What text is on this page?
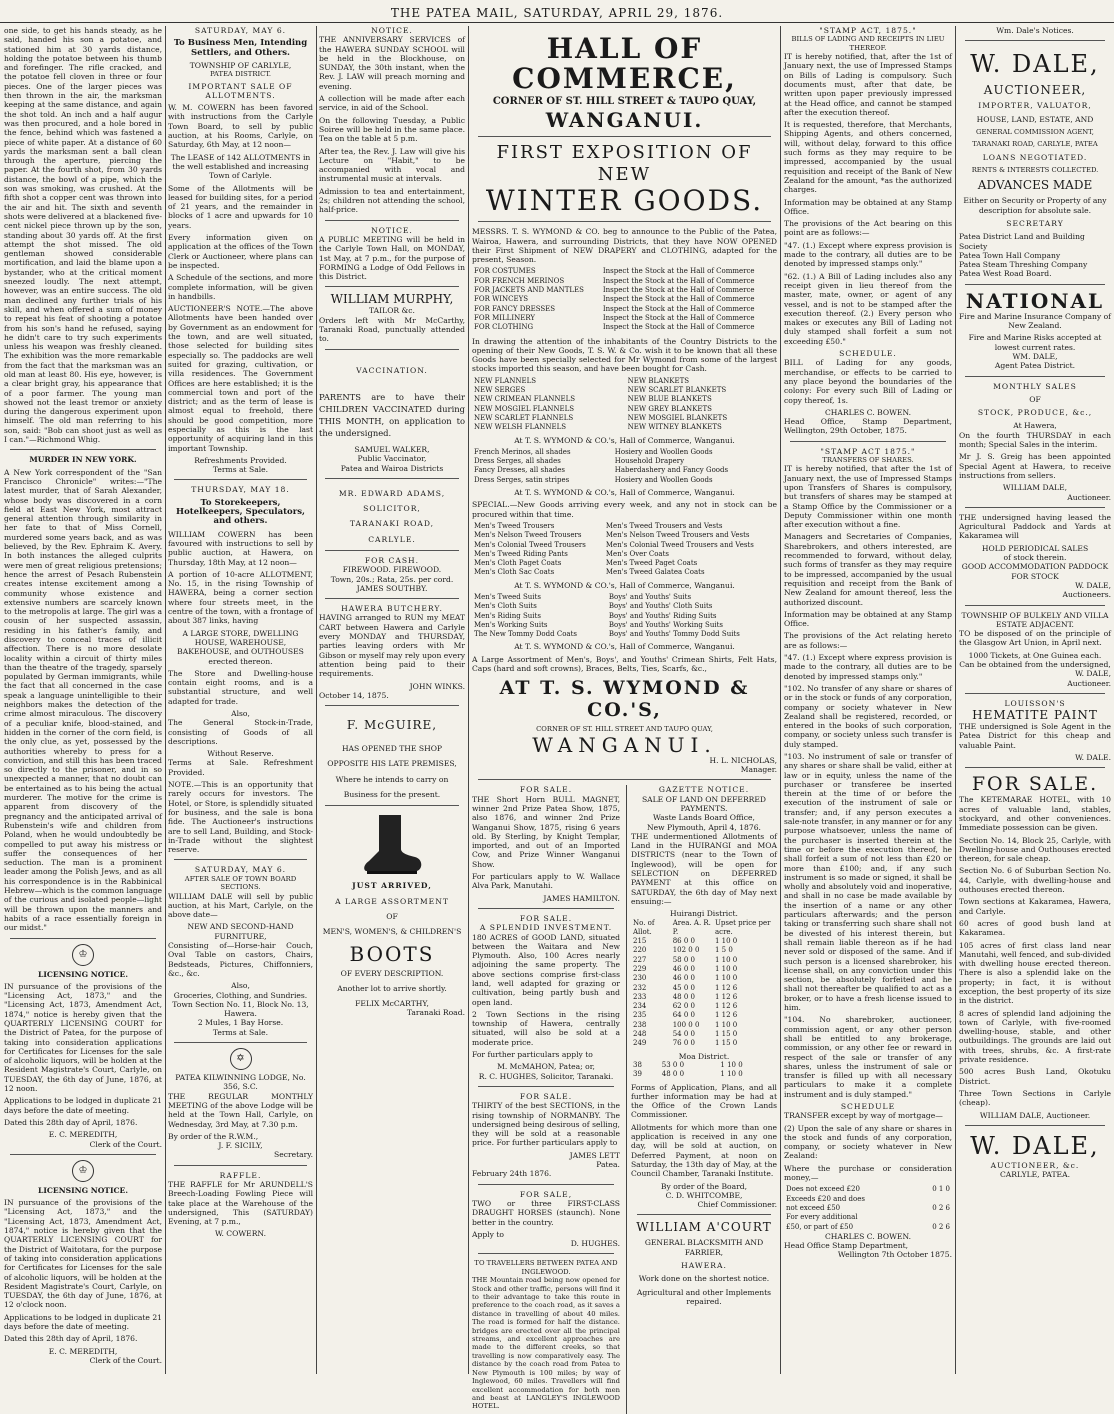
THE PATEA MAIL, SATURDAY, APRIL 29, 1876.

one side, to get his hands steady, as he said, handed his son a potatoe, and stationed him at 30 yards distance, holding the potatoe between his thumb and forefinger. The rifle cracked, and the potatoe fell cloven in three or four pieces. One of the larger pieces was then thrown in the air, the marksman keeping at the same distance, and again the shot told. An inch and a half augur was then procured, and a hole bored in the fence, behind which was fastened a piece of white paper. At a distance of 60 yards the marksman sent a ball clean through the aperture, piercing the paper. At the fourth shot, from 30 yards distance, the bowl of a pipe, which the son was smoking, was crushed. At the fifth shot a copper cent was thrown into the air and hit. The sixth and seventh shots were delivered at a blackened five-cent nickel piece thrown up by the son, standing about 30 yards off. At the first attempt the shot missed. The old gentleman showed considerable mortification, and laid the blame upon a bystander, who at the critical moment sneezed loudly. The next attempt, however, was an entire success. The old man declined any further trials of his skill, and when offered a sum of money to repeat his feat of shooting a potatoe from his son's hand he refused, saying he didn't care to try such experiments unless his weapon was freshly cleaned. The exhibition was the more remarkable from the fact that the marksman was an old man at least 80. His eye, however, is a clear bright gray, his appearance that of a poor farmer. The young man showed not the least tremor or anxiety during the dangerous experiment upon himself. The old man referring to his son, said: "Bob can shoot just as well as I can."—Richmond Whig.

MURDER IN NEW YORK.

A New York correspondent of the "San Francisco Chronicle" writes:—"The latest murder, that of Sarah Alexander, whose body was discovered in a corn field at East New York, most attract general attention through similarity in her fate to that of Miss Cornell, murdered some years back, and as was believed, by the Rev. Ephraim K. Avery. In both instances the alleged culprits were men of great religious pretensions; hence the arrest of Pesach Rubenstein creates intense excitement among a community whose existence and extensive numbers are scarcely known to the metropolis at large. The girl was a cousin of her suspected assassin, residing in his father's family, and discovery to conceal traces of illicit affection. There is no more desolate locality within a circuit of thirty miles than the theatre of the tragedy, sparsely populated by German immigrants, while the fact that all concerned in the case speak a language unintelligible to their neighbors makes the detection of the crime almost miraculous. The discovery of a peculiar knife, blood-stained, and hidden in the corner of the corn field, is the only clue, as yet, possessed by the authorities whereby to press for a conviction, and still this has been traced so directly to the prisoner, and in so unexpected a manner, that no doubt can be entertained as to his being the actual murderer. The motive for the crime is apparent from discovery of the pregnancy and the anticipated arrival of Rubenstein's wife and children from Poland, when he would undoubtedly be compelled to put away his mistress or suffer the consequences of her seduction. The man is a prominent leader among the Polish Jews, and as all his correspondence is in the Rabbinical Hebrew—which is the common language of the curious and isolated people—light will be thrown upon the manners and habits of a race essentially foreign in our midst."

♔
LICENSING NOTICE.

IN pursuance of the provisions of the "Licensing Act, 1873," and the "Licensing Act, 1873, Amendment Act, 1874," notice is hereby given that the QUARTERLY LICENSING COURT for the District of Patea, for the purpose of taking into consideration applications for Certificates for Licenses for the sale of alcoholic liquors, will be holden at the Resident Magistrate's Court, Carlyle, on TUESDAY, the 6th day of June, 1876, at 12 noon.

Applications to be lodged in duplicate 21 days before the date of meeting.

Dated this 28th day of April, 1876.

E. C. MEREDITH,
Clerk of the Court.
♔
LICENSING NOTICE.

IN pursuance of the provisions of the "Licensing Act, 1873," and the "Licensing Act, 1873, Amendment Act, 1874," notice is hereby given that the QUARTERLY LICENSING COURT for the District of Waitotara, for the purpose of taking into consideration applications for Certificates for Licenses for the sale of alcoholic liquors, will be holden at the Resident Magistrate's Court, Carlyle, on TUESDAY, the 6th day of June, 1876, at 12 o'clock noon.

Applications to be lodged in duplicate 21 days before the date of meeting.

Dated this 28th day of April, 1876.

E. C. MEREDITH,
Clerk of the Court.
SATURDAY, MAY 6.
To Business Men, Intending Settlers, and Others.
TOWNSHIP OF CARLYLE,
PATEA DISTRICT.
IMPORTANT SALE OF ALLOTMENTS.

W. M. COWERN has been favored with instructions from the Carlyle Town Board, to sell by public auction, at his Rooms, Carlyle, on Saturday, 6th May, at 12 noon—

The LEASE of 142 ALLOTMENTS in the well established and increasing Town of Carlyle.

Some of the Allotments will be leased for building sites, for a period of 21 years, and the remainder in blocks of 1 acre and upwards for 10 years.

Every information given on application at the offices of the Town Clerk or Auctioneer, where plans can be inspected.

A Schedule of the sections, and more complete information, will be given in handbills.

AUCTIONEER'S NOTE.—The above Allotments have been handed over by Government as an endowment for the town, and are well situated, those selected for building sites especially so. The paddocks are well suited for grazing, cultivation, or villa residences. The Government Offices are here established; it is the commercial town and port of the district; and as the term of lease is almost equal to freehold, there should be good competition, more especially as this is the last opportunity of acquiring land in this important Township.

Refreshments Provided.
Terms at Sale.
THURSDAY, MAY 18.
To Storekeepers, Hotelkeepers, Speculators, and others.

WILLIAM COWERN has been favoured with instructions to sell by public auction, at Hawera, on Thursday, 18th May, at 12 noon—

A portion of 10-acre ALLOTMENT, No. 15, in the rising Township of HAWERA, being a corner section where four streets meet, in the centre of the town, with a frontage of about 387 links, having

A LARGE STORE, DWELLING HOUSE, WAREHOUSE, BAKEHOUSE, and OUTHOUSES erected thereon.

The Store and Dwelling-house contain eight rooms, and is a substantial structure, and well adapted for trade.

Also,

The General Stock-in-Trade, consisting of Goods of all descriptions.

Without Reserve.

Terms at Sale. Refreshment Provided.

NOTE.—This is an opportunity that rarely occurs for investors. The Hotel, or Store, is splendidly situated for business, and the sale is bona fide. The Auctioneer's instructions are to sell Land, Building, and Stock-in-Trade without the slightest reserve.

SATURDAY, MAY 6.
AFTER SALE OF TOWN BOARD SECTIONS.

WILLIAM DALE will sell by public auction, at his Mart, Carlyle, on the above date—

NEW AND SECOND-HAND FURNITURE,

Consisting of—Horse-hair Couch, Oval Table on castors, Chairs, Bedsteads, Pictures, Chiffonniers, &c., &c.

Also,
Groceries, Clothing, and Sundries.
Town Section No. 11, Block No. 13, Hawera.
2 Mules, 1 Bay Horse.
Terms at Sale.
✡
PATEA KILWINNING LODGE, No. 356, S.C.

THE REGULAR MONTHLY MEETING of the above Lodge will be held at the Town Hall, Carlyle, on Wednesday, 3rd May, at 7.30 p.m.

By order of the R.W.M.,
J. F. SICILY,
Secretary.
RAFFLE.

THE RAFFLE for Mr ARUNDELL'S Breech-Loading Fowling Piece will take place at the Warehouse of the undersigned, This (SATURDAY) Evening, at 7 p.m.,

W. COWERN.
NOTICE.

THE ANNIVERSARY SERVICES of the HAWERA SUNDAY SCHOOL will be held in the Blockhouse, on SUNDAY, the 30th instant, when the Rev. J. LAW will preach morning and evening.

A collection will be made after each service, in aid of the School.

On the following Tuesday, a Public Soiree will be held in the same place. Tea on the table at 5 p.m.

After tea, the Rev. J. Law will give his Lecture on "Habit," to be accompanied with vocal and instrumental music at intervals.

Admission to tea and entertainment, 2s; children not attending the school, half-price.

NOTICE.

A PUBLIC MEETING will be held in the Carlyle Town Hall, on MONDAY, 1st May, at 7 p.m., for the purpose of FORMING a Lodge of Odd Fellows in this District.

WILLIAM MURPHY,
TAILOR &c.

Orders left with Mr McCarthy, Taranaki Road, punctually attended to.

VACCINATION.

PARENTS are to have their CHILDREN VACCINATED during THIS MONTH, on application to the undersigned.

SAMUEL WALKER,
Public Vaccinator,
Patea and Wairoa Districts
MR. EDWARD ADAMS,
SOLICITOR,
TARANAKI ROAD,
CARLYLE.
FOR CASH.
FIREWOOD. FIREWOOD.
Town, 20s.; Rata, 25s. per cord.
JAMES SOUTHBY.
HAWERA BUTCHERY.

HAVING arranged to RUN my MEAT CART between Hawera and Carlyle every MONDAY and THURSDAY, parties leaving orders with Mr Gibson or myself may rely upon every attention being paid to their requirements.

JOHN WINKS.
October 14, 1875.
F. McGUIRE,
HAS OPENED THE SHOP
OPPOSITE HIS LATE PREMISES,
Where he intends to carry on
Business for the present.
JUST ARRIVED,
A LARGE ASSORTMENT
OF
MEN'S, WOMEN'S, & CHILDREN'S
BOOTS
OF EVERY DESCRIPTION.
Another lot to arrive shortly.
FELIX McCARTHY,
Taranaki Road.
HALL OF COMMERCE,
CORNER OF ST. HILL STREET & TAUPO QUAY,
WANGANUI.
FIRST EXPOSITION OF NEW
WINTER GOODS.

MESSRS. T. S. WYMOND & CO. beg to announce to the Public of the Patea, Wairoa, Hawera, and surrounding Districts, that they have NOW OPENED their First Shipment of NEW DRAPERY and CLOTHING, adapted for the present, Season.

FOR COSTUMES	Inspect the Stock at the Hall of Commerce
FOR FRENCH MERINOS	Inspect the Stock at the Hall of Commerce
FOR JACKETS AND MANTLES	Inspect the Stock at the Hall of Commerce
FOR WINCEYS	Inspect the Stock at the Hall of Commerce
FOR FANCY DRESSES	Inspect the Stock at the Hall of Commerce
FOR MILLINERY	Inspect the Stock at the Hall of Commerce
FOR CLOTHING	Inspect the Stock at the Hall of Commerce

In drawing the attention of the inhabitants of the Country Districts to the opening of their New Goods, T. S. W. & Co. wish it to be known that all these Goods have been specially selected for Mr Wymond from some of the largest stocks imported this season, and have been bought for Cash.

NEW FLANNELS	NEW BLANKETS
NEW SERGES	NEW SCARLET BLANKETS
NEW CRIMEAN FLANNELS	NEW BLUE BLANKETS
NEW MOSGIEL FLANNELS	NEW GREY BLANKETS
NEW SCARLET FLANNELS	NEW MOSGIEL BLANKETS
NEW WELSH FLANNELS	NEW WITNEY BLANKETS
At T. S. WYMOND & CO.'s, Hall of Commerce, Wanganui.
French Merinos, all shades	Hosiery and Woollen Goods
Dress Serges, all shades	Household Drapery
Fancy Dresses, all shades	Haberdashery and Fancy Goods
Dress Serges, satin stripes	Hosiery and Woollen Goods
At T. S. WYMOND & CO.'s, Hall of Commerce, Wanganui.

SPECIAL.—New Goods arriving every week, and any not in stock can be procured within that time.

Men's Tweed Trousers	Men's Tweed Trousers and Vests
Men's Nelson Tweed Trousers	Men's Nelson Tweed Trousers and Vests
Men's Colonial Tweed Trousers	Men's Colonial Tweed Trousers and Vests
Men's Tweed Riding Pants	Men's Over Coats
Men's Cloth Paget Coats	Men's Tweed Paget Coats
Men's Cloth Sac Coats	Men's Tweed Galatea Coats
At T. S. WYMOND & CO.'s, Hall of Commerce, Wanganui.
Men's Tweed Suits	Boys' and Youths' Suits
Men's Cloth Suits	Boys' and Youths' Cloth Suits
Men's Riding Suits	Boys' and Youths' Riding Suits
Men's Working Suits	Boys' and Youths' Working Suits
The New Tommy Dodd Coats	Boys' and Youths' Tommy Dodd Suits
At T. S. WYMOND & CO.'s, Hall of Commerce, Wanganui.

A Large Assortment of Men's, Boys', and Youths' Crimean Shirts, Felt Hats, Caps (hard and soft crowns), Braces, Belts, Ties, Scarfs, &c.,

AT T. S. WYMOND & CO.'S,
CORNER OF ST. HILL STREET AND TAUPO QUAY,
WANGANUI.
H. L. NICHOLAS,
Manager.
FOR SALE.

THE Short Horn BULL MAGNET, winner 2nd Prize Patea Show, 1875, also 1876, and winner 2nd Prize Wanganui Show, 1875, rising 6 years old. By Sterling, by Knight Templar, imported, and out of an Imported Cow, and Prize Winner Wanganui Show.

For particulars apply to W. Wallace Alva Park, Manutahi.

JAMES HAMILTON.
FOR SALE.
A SPLENDID INVESTMENT.

180 ACRES of GOOD LAND, situated between the Waitara and New Plymouth. Also, 100 Acres nearly adjoining the same property. The above sections comprise first-class land, well adapted for grazing or cultivation, being partly bush and open land.

2 Town Sections in the rising township of Hawera, centrally situated, will also be sold at a moderate price.

For further particulars apply to

M. McMAHON, Patea; or,
R. C. HUGHES, Solicitor, Taranaki.
FOR SALE.

THIRTY of the best SECTIONS, in the rising township of NORMANBY. The undersigned being desirous of selling, they will be sold at a reasonable price. For further particulars apply to

JAMES LETT
Patea.
February 24th 1876.
FOR SALE,

TWO or three FIRST-CLASS DRAUGHT HORSES (staunch). None better in the country.

Apply to
D. HUGHES.
TO TRAVELLERS BETWEEN PATEA AND INGLEWOOD.

THE Mountain road being now opened for Stock and other traffic, persons will find it to their advantage to take this route in preference to the coach road, as it saves a distance in travelling of about 40 miles. The road is formed for half the distance. bridges are erected over all the principal streams, and excellent approaches are made to the different creeks, so that travelling is now comparatively easy. The distance by the coach road from Patea to New Plymouth is 100 miles; by way of Inglewood, 60 miles. Travellers will find excellent accommodation for both men and beast at LANGLEY'S INGLEWOOD HOTEL.

GAZETTE NOTICE.
SALE OF LAND ON DEFERRED PAYMENTS.
Waste Lands Board Office,
New Plymouth, April 4, 1876.

THE undermentioned Allotments of Land in the HUIRANGI and MOA DISTRICTS (near to the Town of Inglewood), will be open for SELECTION on DEFERRED PAYMENT at this office on SATURDAY, the 6th day of May next ensuing:—

Huirangi District.
No. of Allot.	Area. A. R. P.	Upset price per acre.
215	86 0 0	1 10 0
220	102 0 0	1 5 0
227	58 0 0	1 10 0
229	46 0 0	1 10 0
230	46 0 0	1 10 0
232	45 0 0	1 12 6
233	48 0 0	1 12 6
234	62 0 0	1 12 6
235	64 0 0	1 12 6
238	100 0 0	1 10 0
248	54 0 0	1 15 0
249	76 0 0	1 15 0
Moa District.
38	53 0 0	1 10 0
39	48 0 0	1 10 0

Forms of Application, Plans, and all further information may be had at the Office of the Crown Lands Commissioner.

Allotments for which more than one application is received in any one day, will be sold at auction, on Deferred Payment, at noon on Saturday, the 13th day of May, at the Council Chamber, Taranaki Institute.

By order of the Board,
C. D. WHITCOMBE,
Chief Commissioner.
WILLIAM A'COURT
GENERAL BLACKSMITH AND FARRIER,
HAWERA.
Work done on the shortest notice.
Agricultural and other Implements repaired.
"STAMP ACT, 1875."
BILLS OF LADING AND RECEIPTS IN LIEU THEREOF.

IT is hereby notified, that, after the 1st of January next, the use of Impressed Stamps on Bills of Lading is compulsory. Such documents must, after that date, be written upon paper previously impressed at the Head office, and cannot be stamped after the execution thereof.

It is requested, therefore, that Merchants, Shipping Agents, and others concerned, will, without delay, forward to this office such forms as they may require to be impressed, accompanied by the usual requisition and receipt of the Bank of New Zealand for the amount, *as the authorized charges.

Information may be obtained at any Stamp Office.

The provisions of the Act bearing on this point are as follows:—

"47. (1.) Except where express provision is made to the contrary, all duties are to be denoted by impressed stamps only."

"62. (1.) A Bill of Lading includes also any receipt given in lieu thereof from the master, mate, owner, or agent of any vessel, and is not to be stamped after the execution thereof. (2.) Every person who makes or executes any Bill of Lading not duly stamped shall forfeit a sum not exceeding £50."

SCHEDULE.

BILL of Lading for any goods, merchandise, or effects to be carried to any place beyond the boundaries of the colony: For every such Bill of Lading or copy thereof, 1s.

CHARLES C. BOWEN.

Head Office, Stamp Department, Wellington, 29th October, 1875.

"STAMP ACT 1875."
TRANSFERS OF SHARES.

IT is hereby notified, that after the 1st of January next, the use of Impressed Stamps upon Transfers of Shares is compulsory, but transfers of shares may be stamped at a Stamp Office by the Commissioner or a Deputy Commissioner within one month after execution without a fine.

Managers and Secretaries of Companies, Sharebrokers, and others interested, are recommended to forward, without delay, such forms of transfer as they may require to be impressed, accompanied by the usual requisition and receipt from the Bank of New Zealand for amount thereof, less the authorized discount.

Information may be obtained at any Stamp Office.

The provisions of the Act relating hereto are as follows:—

"47. (1.) Except where express provision is made to the contrary, all duties are to be denoted by impressed stamps only."

"102. No transfer of any share or shares of or in the stock or funds of any corporation, company or society whatever in New Zealand shall be registered, recorded, or entered in the books of such corporation, company, or society unless such transfer is duly stamped.

"103. No instrument of sale or transfer of any shares or share shall be valid, either at law or in equity, unless the name of the purchaser or transferee be inserted therein at the time of or before the execution of the instrument of sale or transfer; and, if any person executes a sale-note transfer, in any manner or for any purpose whatsoever, unless the name of the purchaser is inserted therein at the time or before the execution thereof, he shall forfeit a sum of not less than £20 or more than £100; and, if any such instrument is so made or signed, it shall be wholly and absolutely void and inoperative, and shall in no case be made available by the insertion of a name or any other particulars afterwards; and the person taking or transferring such share shall not be divested of his interest therein, but shall remain liable thereon as if he had never sold or disposed of the same. And if such person is a licensed sharebroker, his license shall, on any conviction under this section, be absolutely forfeited and he shall not thereafter be qualified to act as a broker, or to have a fresh license issued to him.

"104. No sharebroker, auctioneer, commission agent, or any other person shall be entitled to any brokerage, commission, or any other fee or reward in respect of the sale or transfer of any shares, unless the instrument of sale or transfer is filled up with all necessary particulars to make it a complete instrument and is duly stamped."

SCHEDULE

TRANSFER except by way of mortgage—

(2) Upon the sale of any share or shares in the stock and funds of any corporation, company, or society whatever in New Zealand:

Where the purchase or consideration money,—

Does not exceed £20	0 1 0
Exceeds £20 and does	
not exceed £50	0 2 6
For every additional	
£50, or part of £50	0 2 6
CHARLES C. BOWEN.
Head Office Stamp Department,
Wellington 7th October 1875.
Wm. Dale's Notices.
W. DALE,
AUCTIONEER,
IMPORTER, VALUATOR,
HOUSE, LAND, ESTATE, AND
GENERAL COMMISSION AGENT,
TARANAKI ROAD, CARLYLE, PATEA
LOANS NEGOTIATED.
RENTS & INTERESTS COLLECTED.
ADVANCES MADE
Either on Security or Property of any description for absolute sale.
SECRETARY
Patea District Land and Building Society
Patea Town Hall Company
Patea Steam Threshing Company
Patea West Road Board.
NATIONAL
Fire and Marine Insurance Company of New Zealand.
Fire and Marine Risks accepted at lowest current rates.
WM. DALE,
Agent Patea District.
MONTHLY SALES
OF
STOCK, PRODUCE, &c.,
At Hawera,

On the fourth THURSDAY in each month; Special Sales in the interim.

Mr J. S. Greig has been appointed Special Agent at Hawera, to receive instructions from sellers.

WILLIAM DALE,
Auctioneer.

THE undersigned having leased the Agricultural Paddock and Yards at Kakaramea will

HOLD PERIODICAL SALES
of stock therein.
GOOD ACCOMMODATION PADDOCK FOR STOCK
W. DALE,
Auctioneers.
TOWNSHIP OF BULKELY AND VILLA ESTATE ADJACENT.

TO be disposed of on the principle of the Glasgow Art Union, in April next.

1000 Tickets, at One Guinea each.
Can be obtained from the undersigned,
W. DALE,
Auctioneer.
LOUISSON'S
HEMATITE PAINT

THE undersigned is Sole Agent in the Patea District for this cheap and valuable Paint.

W. DALE.
FOR SALE.

The KETEMARAE HOTEL, with 10 acres of valuable land, stables, stockyard, and other conveniences. Immediate possession can be given.

Section No. 14, Block 25, Carlyle, with Dwelling-house and Outhouses erected thereon, for sale cheap.

Section No. 6 of Suburban Section No. 44, Carlyle, with dwelling-house and outhouses erected thereon.

Town sections at Kakaramea, Hawera, and Carlyle.

60 acres of good bush land at Kakaramea.

105 acres of first class land near Manutahi, well fenced, and sub-divided with dwelling house erected thereon. There is also a splendid lake on the property; in fact, it is without exception, the best property of its size in the district.

8 acres of splendid land adjoining the town of Carlyle, with five-roomed dwelling-house, stable, and other outbuildings. The grounds are laid out with trees, shrubs, &c. A first-rate private residence.

500 acres Bush Land, Okotuku District.

Three Town Sections in Carlyle (cheap).

WILLIAM DALE, Auctioneer.
W. DALE,
AUCTIONEER, &c.
CARLYLE, PATEA.
